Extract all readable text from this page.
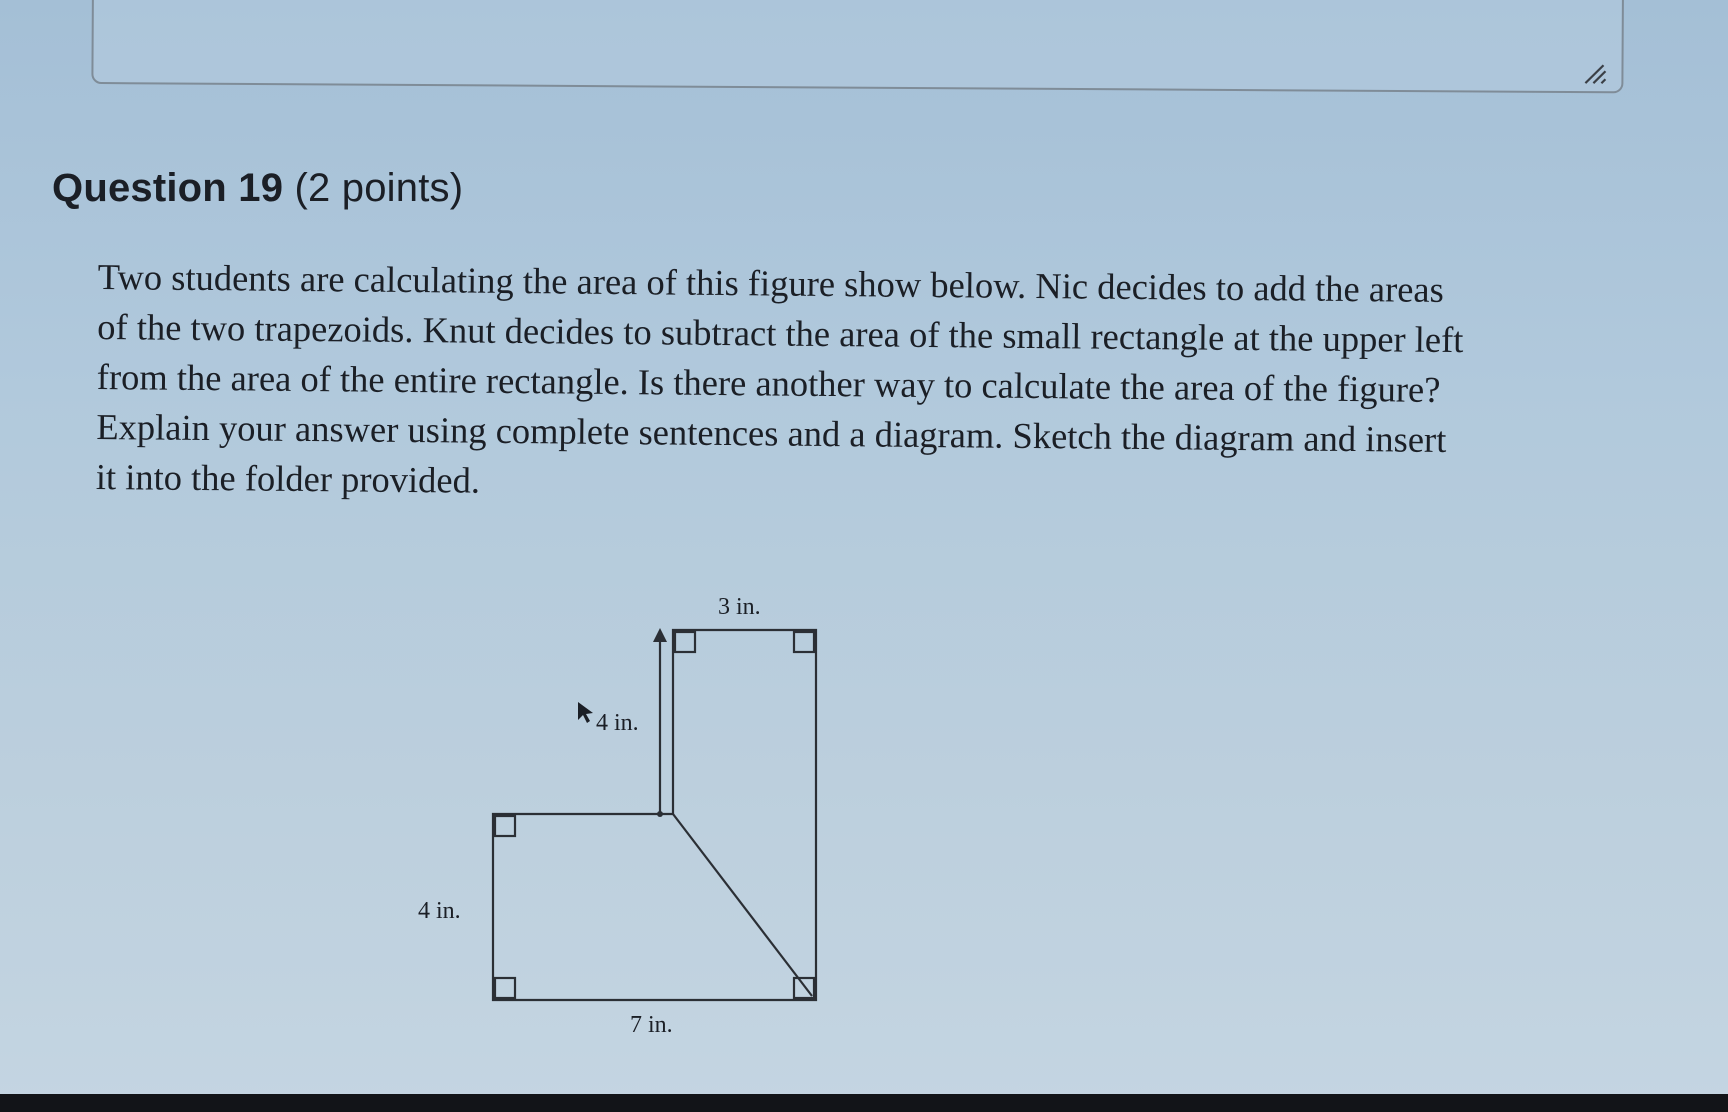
Question 19 (2 points)

Two students are calculating the area of this figure show below. Nic decides to add the areas
of the two trapezoids. Knut decides to subtract the area of the small rectangle at the upper left
from the area of the entire rectangle. Is there another way to calculate the area of the figure?
Explain your answer using complete sentences and a diagram. Sketch the diagram and insert
it into the folder provided.

3 in.
4 in.
4 in.
7 in.
